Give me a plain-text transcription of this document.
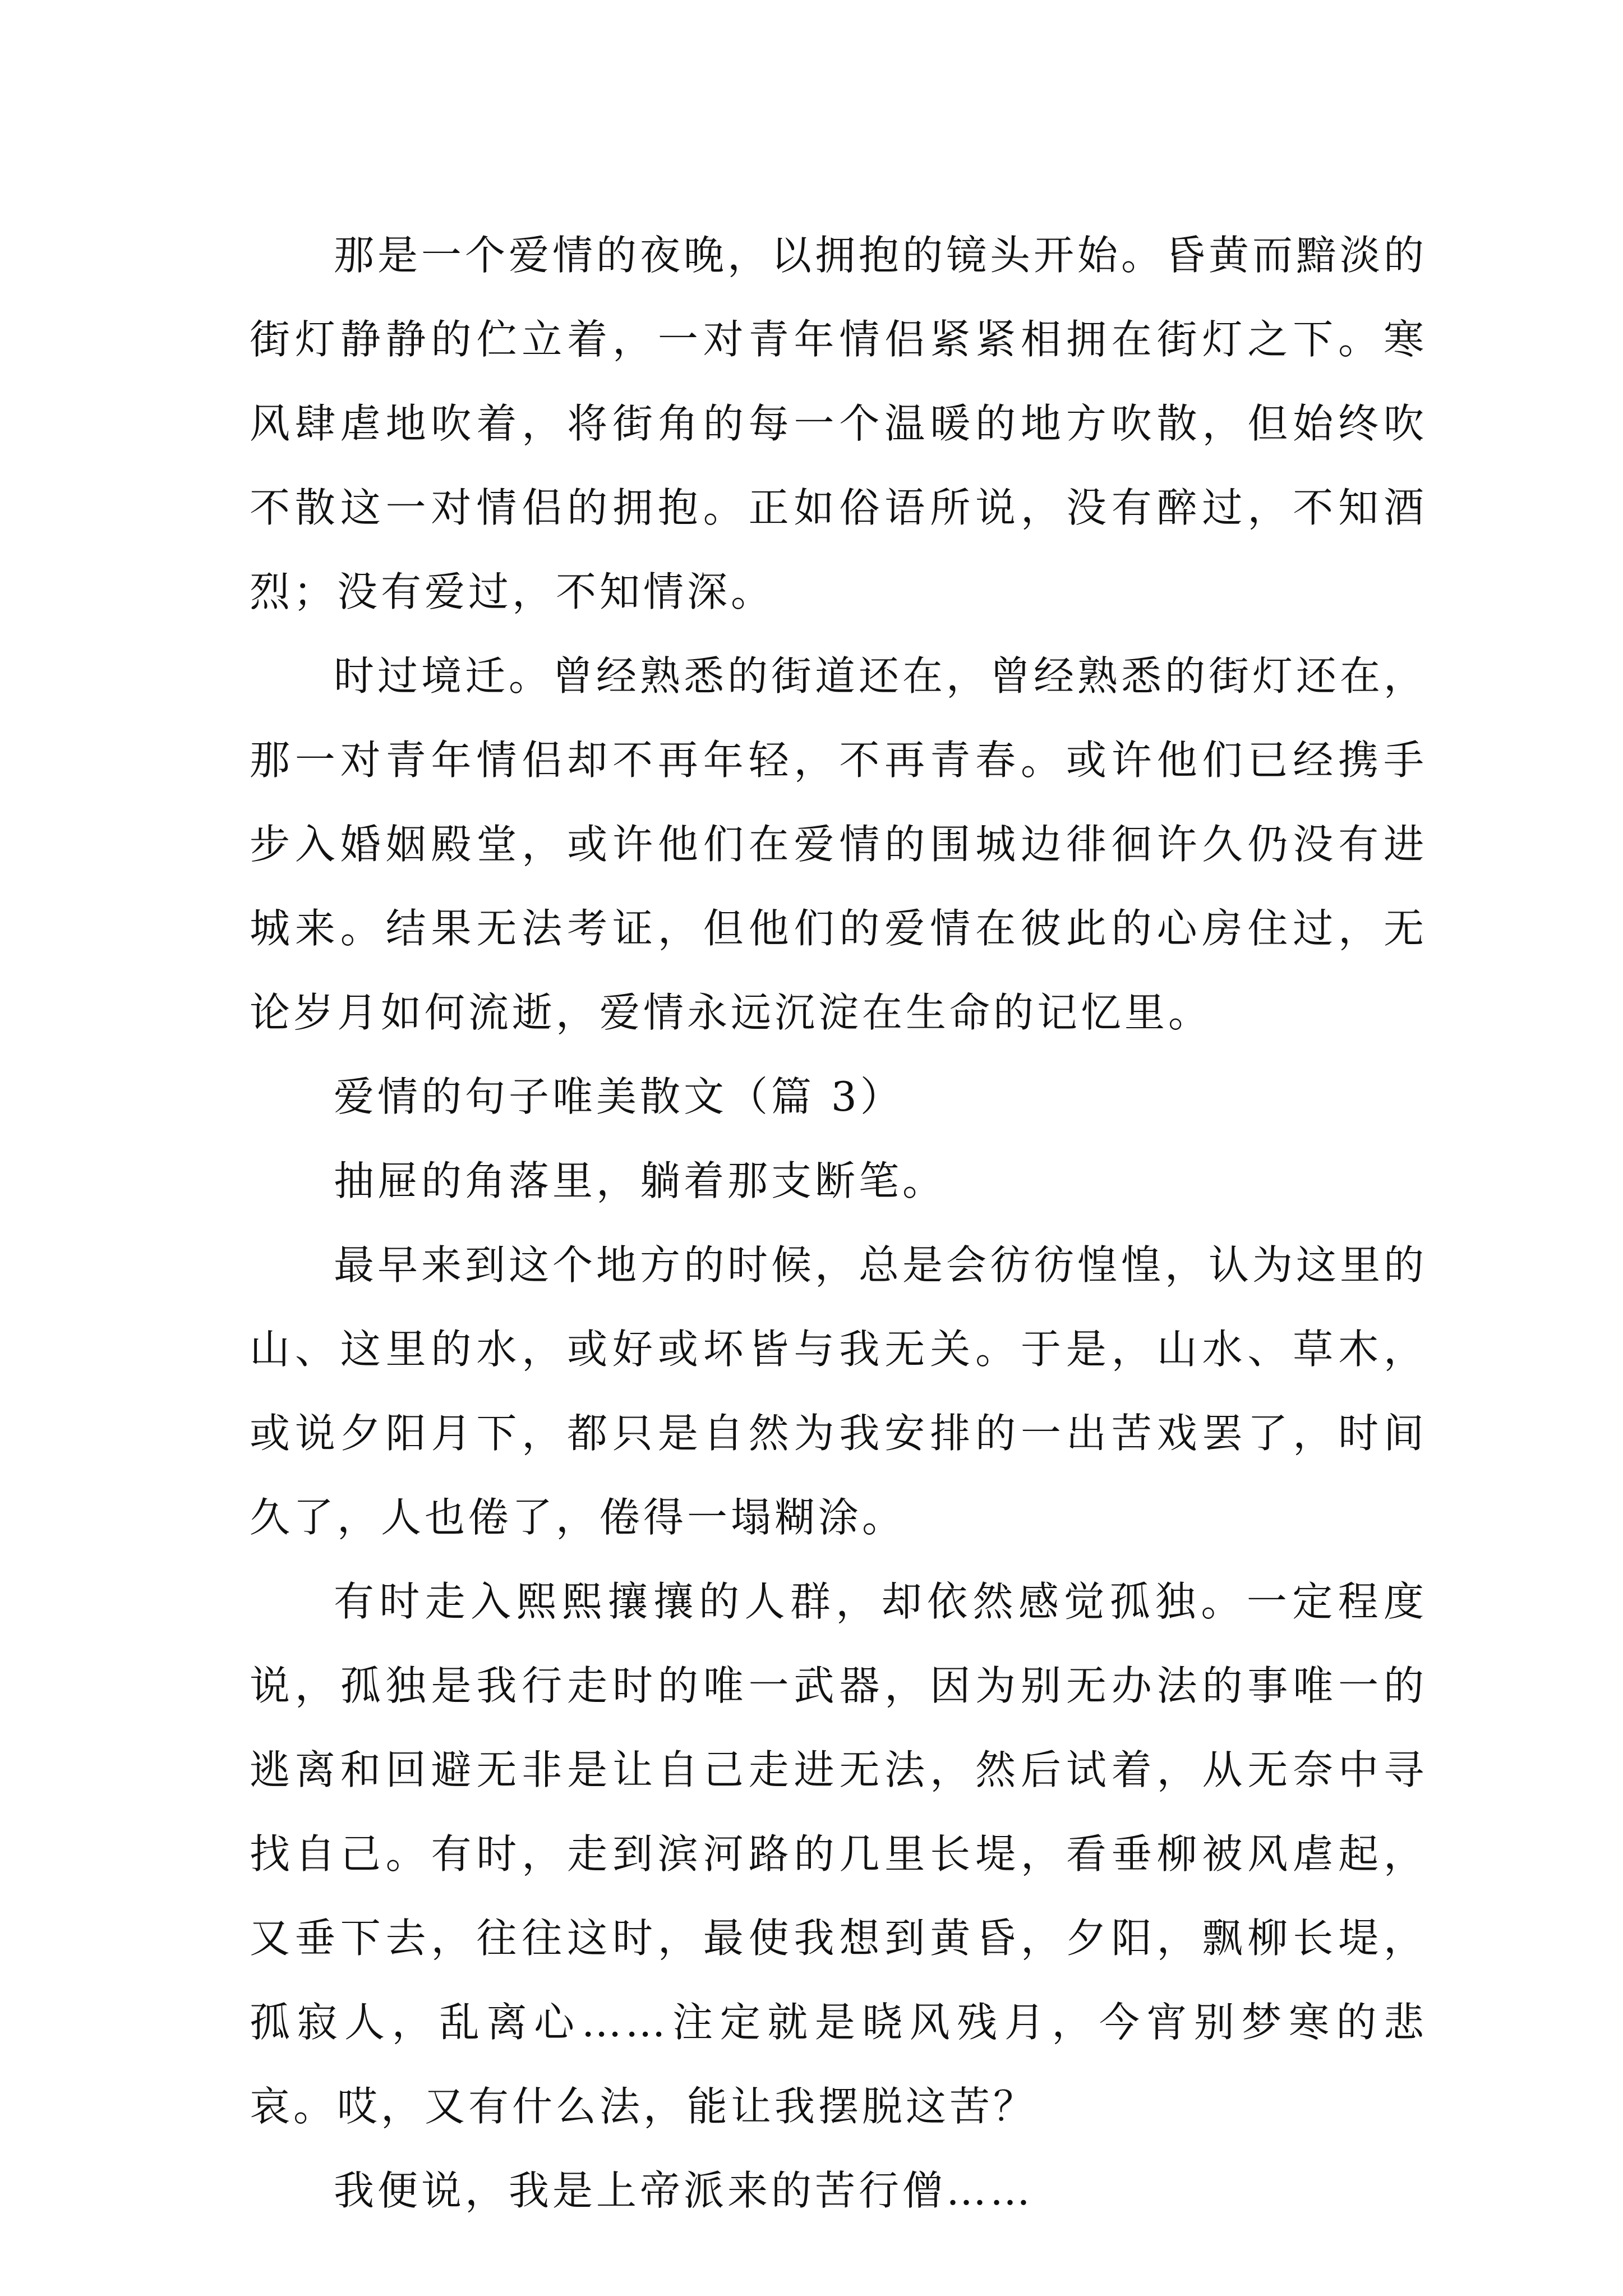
那是一个爱情的夜晚，以拥抱的镜头开始。昏黄而黯淡的街灯静静的伫立着，一对青年情侣紧紧相拥在街灯之下。寒风肆虐地吹着，将街角的每一个温暖的地方吹散，但始终吹不散这一对情侣的拥抱。正如俗语所说，没有醉过，不知酒烈；没有爱过，不知情深。

时过境迁。曾经熟悉的街道还在，曾经熟悉的街灯还在，那一对青年情侣却不再年轻，不再青春。或许他们已经携手步入婚姻殿堂，或许他们在爱情的围城边徘徊许久仍没有进城来。结果无法考证，但他们的爱情在彼此的心房住过，无论岁月如何流逝，爱情永远沉淀在生命的记忆里。

爱情的句子唯美散文（篇 3）

抽屉的角落里，躺着那支断笔。

最早来到这个地方的时候，总是会彷彷惶惶，认为这里的山、这里的水，或好或坏皆与我无关。于是，山水、草木，或说夕阳月下，都只是自然为我安排的一出苦戏罢了，时间久了，人也倦了，倦得一塌糊涂。

有时走入熙熙攘攘的人群，却依然感觉孤独。一定程度说，孤独是我行走时的唯一武器，因为别无办法的事唯一的逃离和回避无非是让自己走进无法，然后试着，从无奈中寻找自己。有时，走到滨河路的几里长堤，看垂柳被风虐起，又垂下去，往往这时，最使我想到黄昏，夕阳，飘柳长堤，孤寂人，乱离心……注定就是晓风残月，今宵别梦寒的悲哀。哎，又有什么法，能让我摆脱这苦？

我便说，我是上帝派来的苦行僧……
